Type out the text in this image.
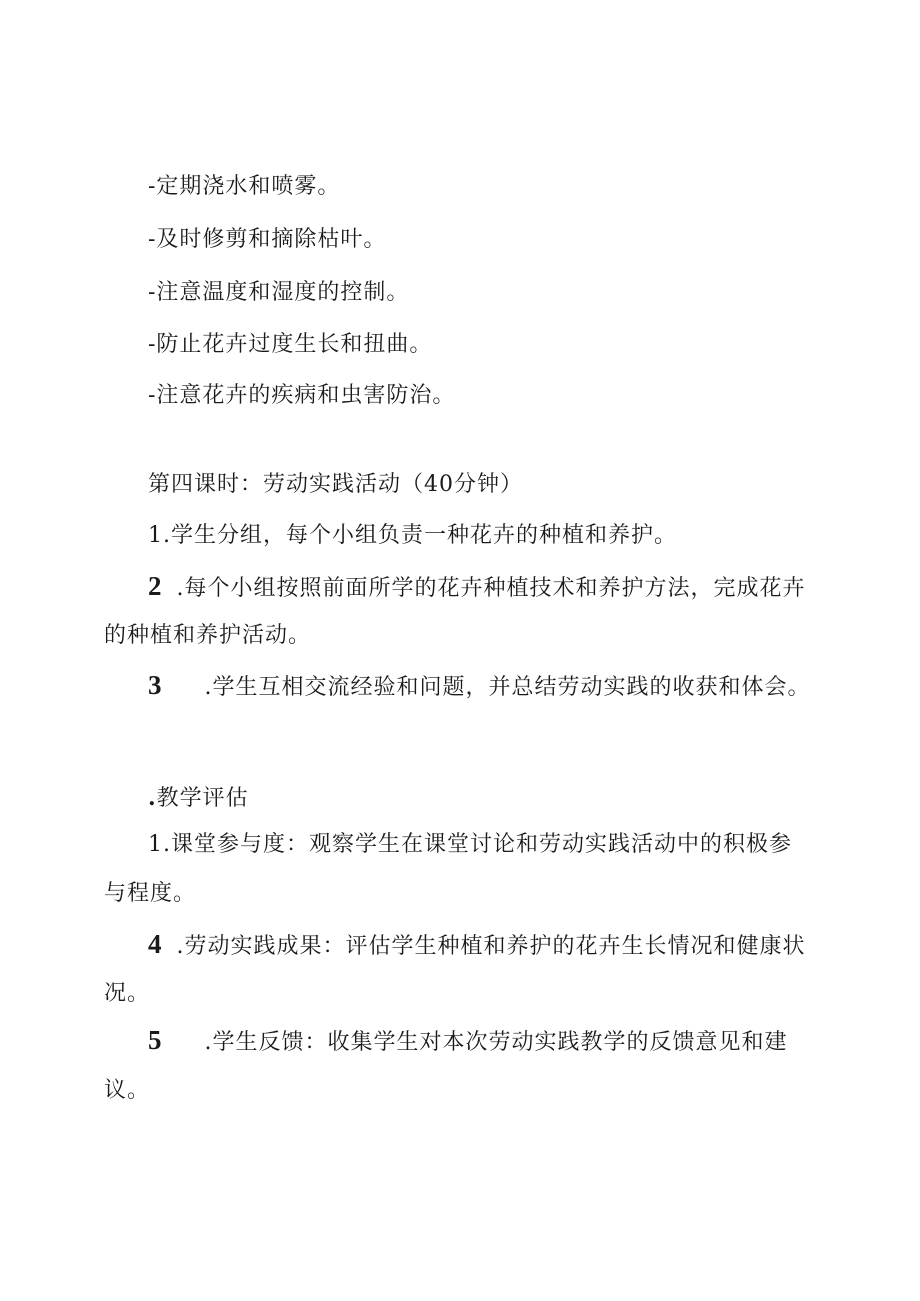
-定期浇水和喷雾。
-及时修剪和摘除枯叶。
-注意温度和湿度的控制。
-防止花卉过度生长和扭曲。
-注意花卉的疾病和虫害防治。
第四课时：劳动实践活动（40分钟）
1.学生分组，每个小组负责一种花卉的种植和养护。
2 .每个小组按照前面所学的花卉种植技术和养护方法，完成花卉
的种植和养护活动。
3 .学生互相交流经验和问题，并总结劳动实践的收获和体会。
.教学评估
1.课堂参与度：观察学生在课堂讨论和劳动实践活动中的积极参
与程度。
4 .劳动实践成果：评估学生种植和养护的花卉生长情况和健康状
况。
5 .学生反馈：收集学生对本次劳动实践教学的反馈意见和建
议。
